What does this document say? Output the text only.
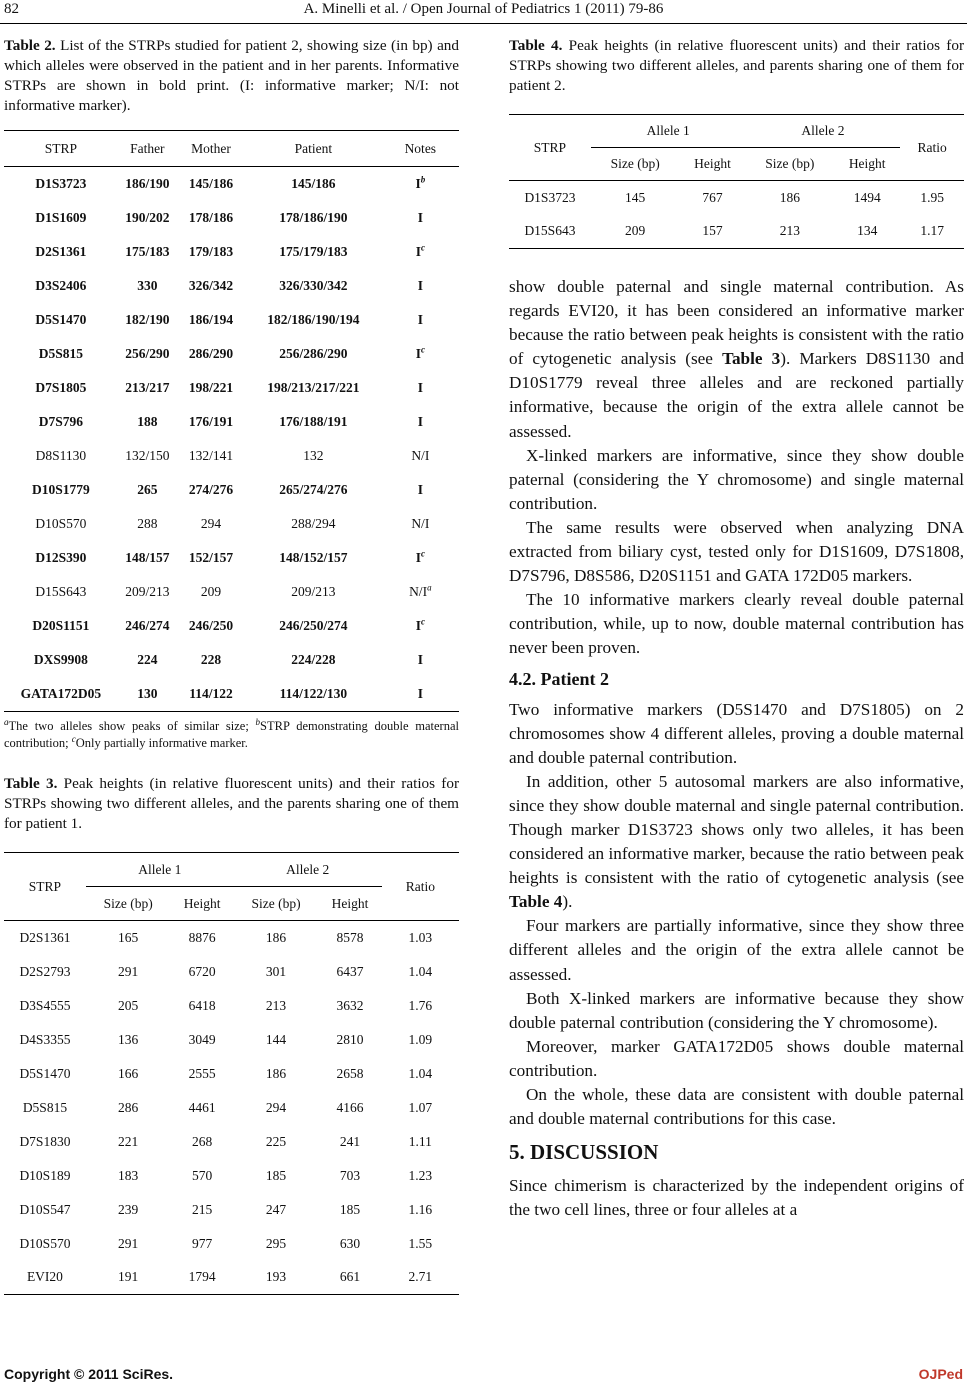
82	A. Minelli et al. / Open Journal of Pediatrics 1 (2011) 79-86

Table 2. List of the STRPs studied for patient 2, showing size (in bp) and which alleles were observed in the patient and in her parents. Informative STRPs are shown in bold print. (I: informative marker; N/I: not informative marker).

STRP	Father	Mother	Patient	Notes
D1S3723	186/190	145/186	145/186	$I^b$
D1S1609	190/202	178/186	178/186/190	I
D2S1361	175/183	179/183	175/179/183	$I^c$
D3S2406	330	326/342	326/330/342	I
D5S1470	182/190	186/194	182/186/190/194	I
D5S815	256/290	286/290	256/286/290	$I^c$
D7S1805	213/217	198/221	198/213/217/221	I
D7S796	188	176/191	176/188/191	I
D8S1130	132/150	132/141	132	N/I
D10S1779	265	274/276	265/274/276	I
D10S570	288	294	288/294	N/I
D12S390	148/157	152/157	148/152/157	$I^c$
D15S643	209/213	209	209/213	$N/I^a$
D20S1151	246/274	246/250	246/250/274	$I^c$
DXS9908	224	228	224/228	I
GATA172D05	130	114/122	114/122/130	I

$^a$The two alleles show peaks of similar size; $^b$STRP demonstrating double maternal contribution; $^c$Only partially informative marker.

Table 3. Peak heights (in relative fluorescent units) and their ratios for STRPs showing two different alleles, and the parents sharing one of them for patient 1.

STRP	Allele 1		Allele 2		Ratio
	Size (bp)	Height	Size (bp)	Height	
D2S1361	165	8876	186	8578	1.03
D2S2793	291	6720	301	6437	1.04
D3S4555	205	6418	213	3632	1.76
D4S3355	136	3049	144	2810	1.09
D5S1470	166	2555	186	2658	1.04
D5S815	286	4461	294	4166	1.07
D7S1830	221	268	225	241	1.11
D10S189	183	570	185	703	1.23
D10S547	239	215	247	185	1.16
D10S570	291	977	295	630	1.55
EVI20	191	1794	193	661	2.71

Table 4. Peak heights (in relative fluorescent units) and their ratios for STRPs showing two different alleles, and parents sharing one of them for patient 2.

STRP	Allele 1		Allele 2		Ratio
	Size (bp)	Height	Size (bp)	Height	
D1S3723	145	767	186	1494	1.95
D15S643	209	157	213	134	1.17

show double paternal and single maternal contribution. As regards EVI20, it has been considered an informative marker because the ratio between peak heights is consistent with the ratio of cytogenetic analysis (see Table 3). Markers D8S1130 and D10S1779 reveal three alleles and are reckoned partially informative, because the origin of the extra allele cannot be assessed.

X-linked markers are informative, since they show double paternal (considering the Y chromosome) and single maternal contribution.

The same results were observed when analyzing DNA extracted from biliary cyst, tested only for D1S1609, D7S1808, D7S796, D8S586, D20S1151 and GATA 172D05 markers.

The 10 informative markers clearly reveal double paternal contribution, while, up to now, double maternal contribution has never been proven.

4.2. Patient 2

Two informative markers (D5S1470 and D7S1805) on 2 chromosomes show 4 different alleles, proving a double maternal and double paternal contribution.

In addition, other 5 autosomal markers are also informative, since they show double maternal and single paternal contribution. Though marker D1S3723 shows only two alleles, it has been considered an informative marker, because the ratio between peak heights is consistent with the ratio of cytogenetic analysis (see Table 4).

Four markers are partially informative, since they show three different alleles and the origin of the extra allele cannot be assessed.

Both X-linked markers are informative because they show double paternal contribution (considering the Y chromosome).

Moreover, marker GATA172D05 shows double maternal contribution.

On the whole, these data are consistent with double paternal and double maternal contributions for this case.

5. DISCUSSION

Since chimerism is characterized by the independent origins of the two cell lines, three or four alleles at a

Copyright © 2011 SciRes.	OJPed
